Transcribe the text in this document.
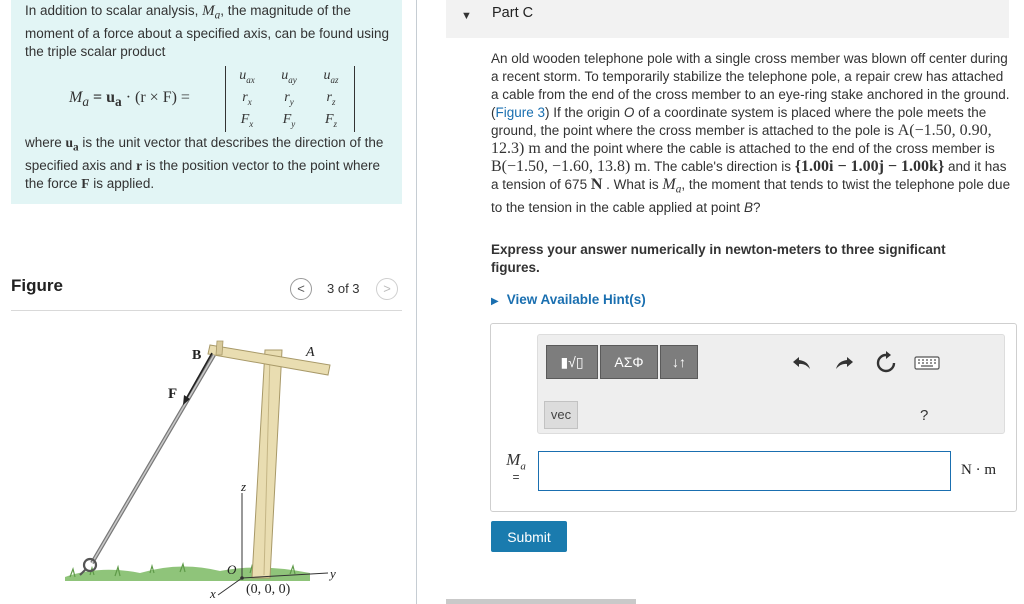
In addition to scalar analysis, $M_a$, the magnitude of the moment of a force about a specified axis, can be found using the triple scalar product
$M_a = u_a \cdot (r \times F)$ =
$u_{ax}$	$u_{ay}$	$u_{az}$
$r_x$	$r_y$	$r_z$
$F_x$	$F_y$	$F_z$
where $u_a$ is the unit vector that describes the direction of the specified axis and r is the position vector to the point where the force F is applied.
Figure	<	3 of 3	>
B	A
F
z
O	y
x (0, 0, 0)
▼ Part C
An old wooden telephone pole with a single cross member was blown off center during a recent storm. To temporarily stabilize the telephone pole, a repair crew has attached a cable from the end of the cross member to an eye-ring stake anchored in the ground. (Figure 3) If the origin O of a coordinate system is placed where the pole meets the ground, the point where the cross member is attached to the pole is A(−1.50, 0.90, 12.3) m and the point where the cable is attached to the end of the cross member is B(−1.50, −1.60, 13.8) m. The cable's direction is {1.00i − 1.00j − 1.00k} and it has a tension of 675 N . What is $M_a$, the moment that tends to twist the telephone pole due to the tension in the cable applied at point B?
Express your answer numerically in newton-meters to three significant figures.
▶ View Available Hint(s)
▮√▯	ΑΣΦ	↓↑
vec	?
$M_a$
=	N · m
Submit
